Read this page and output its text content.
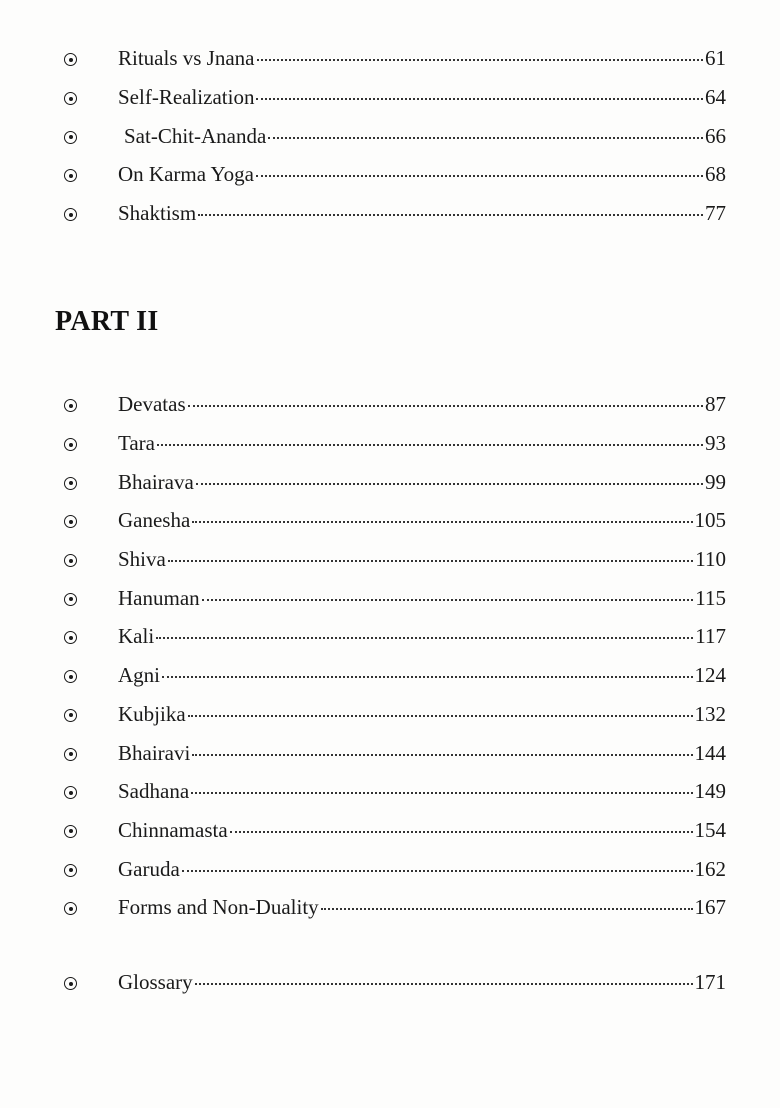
Rituals vs Jnana	61
Self-Realization	64
Sat-Chit-Ananda	66
On Karma Yoga	68
Shaktism	77
PART II
Devatas	87
Tara	93
Bhairava	99
Ganesha	105
Shiva	110
Hanuman	115
Kali	117
Agni	124
Kubjika	132
Bhairavi	144
Sadhana	149
Chinnamasta	154
Garuda	162
Forms and Non-Duality	167
Glossary	171
